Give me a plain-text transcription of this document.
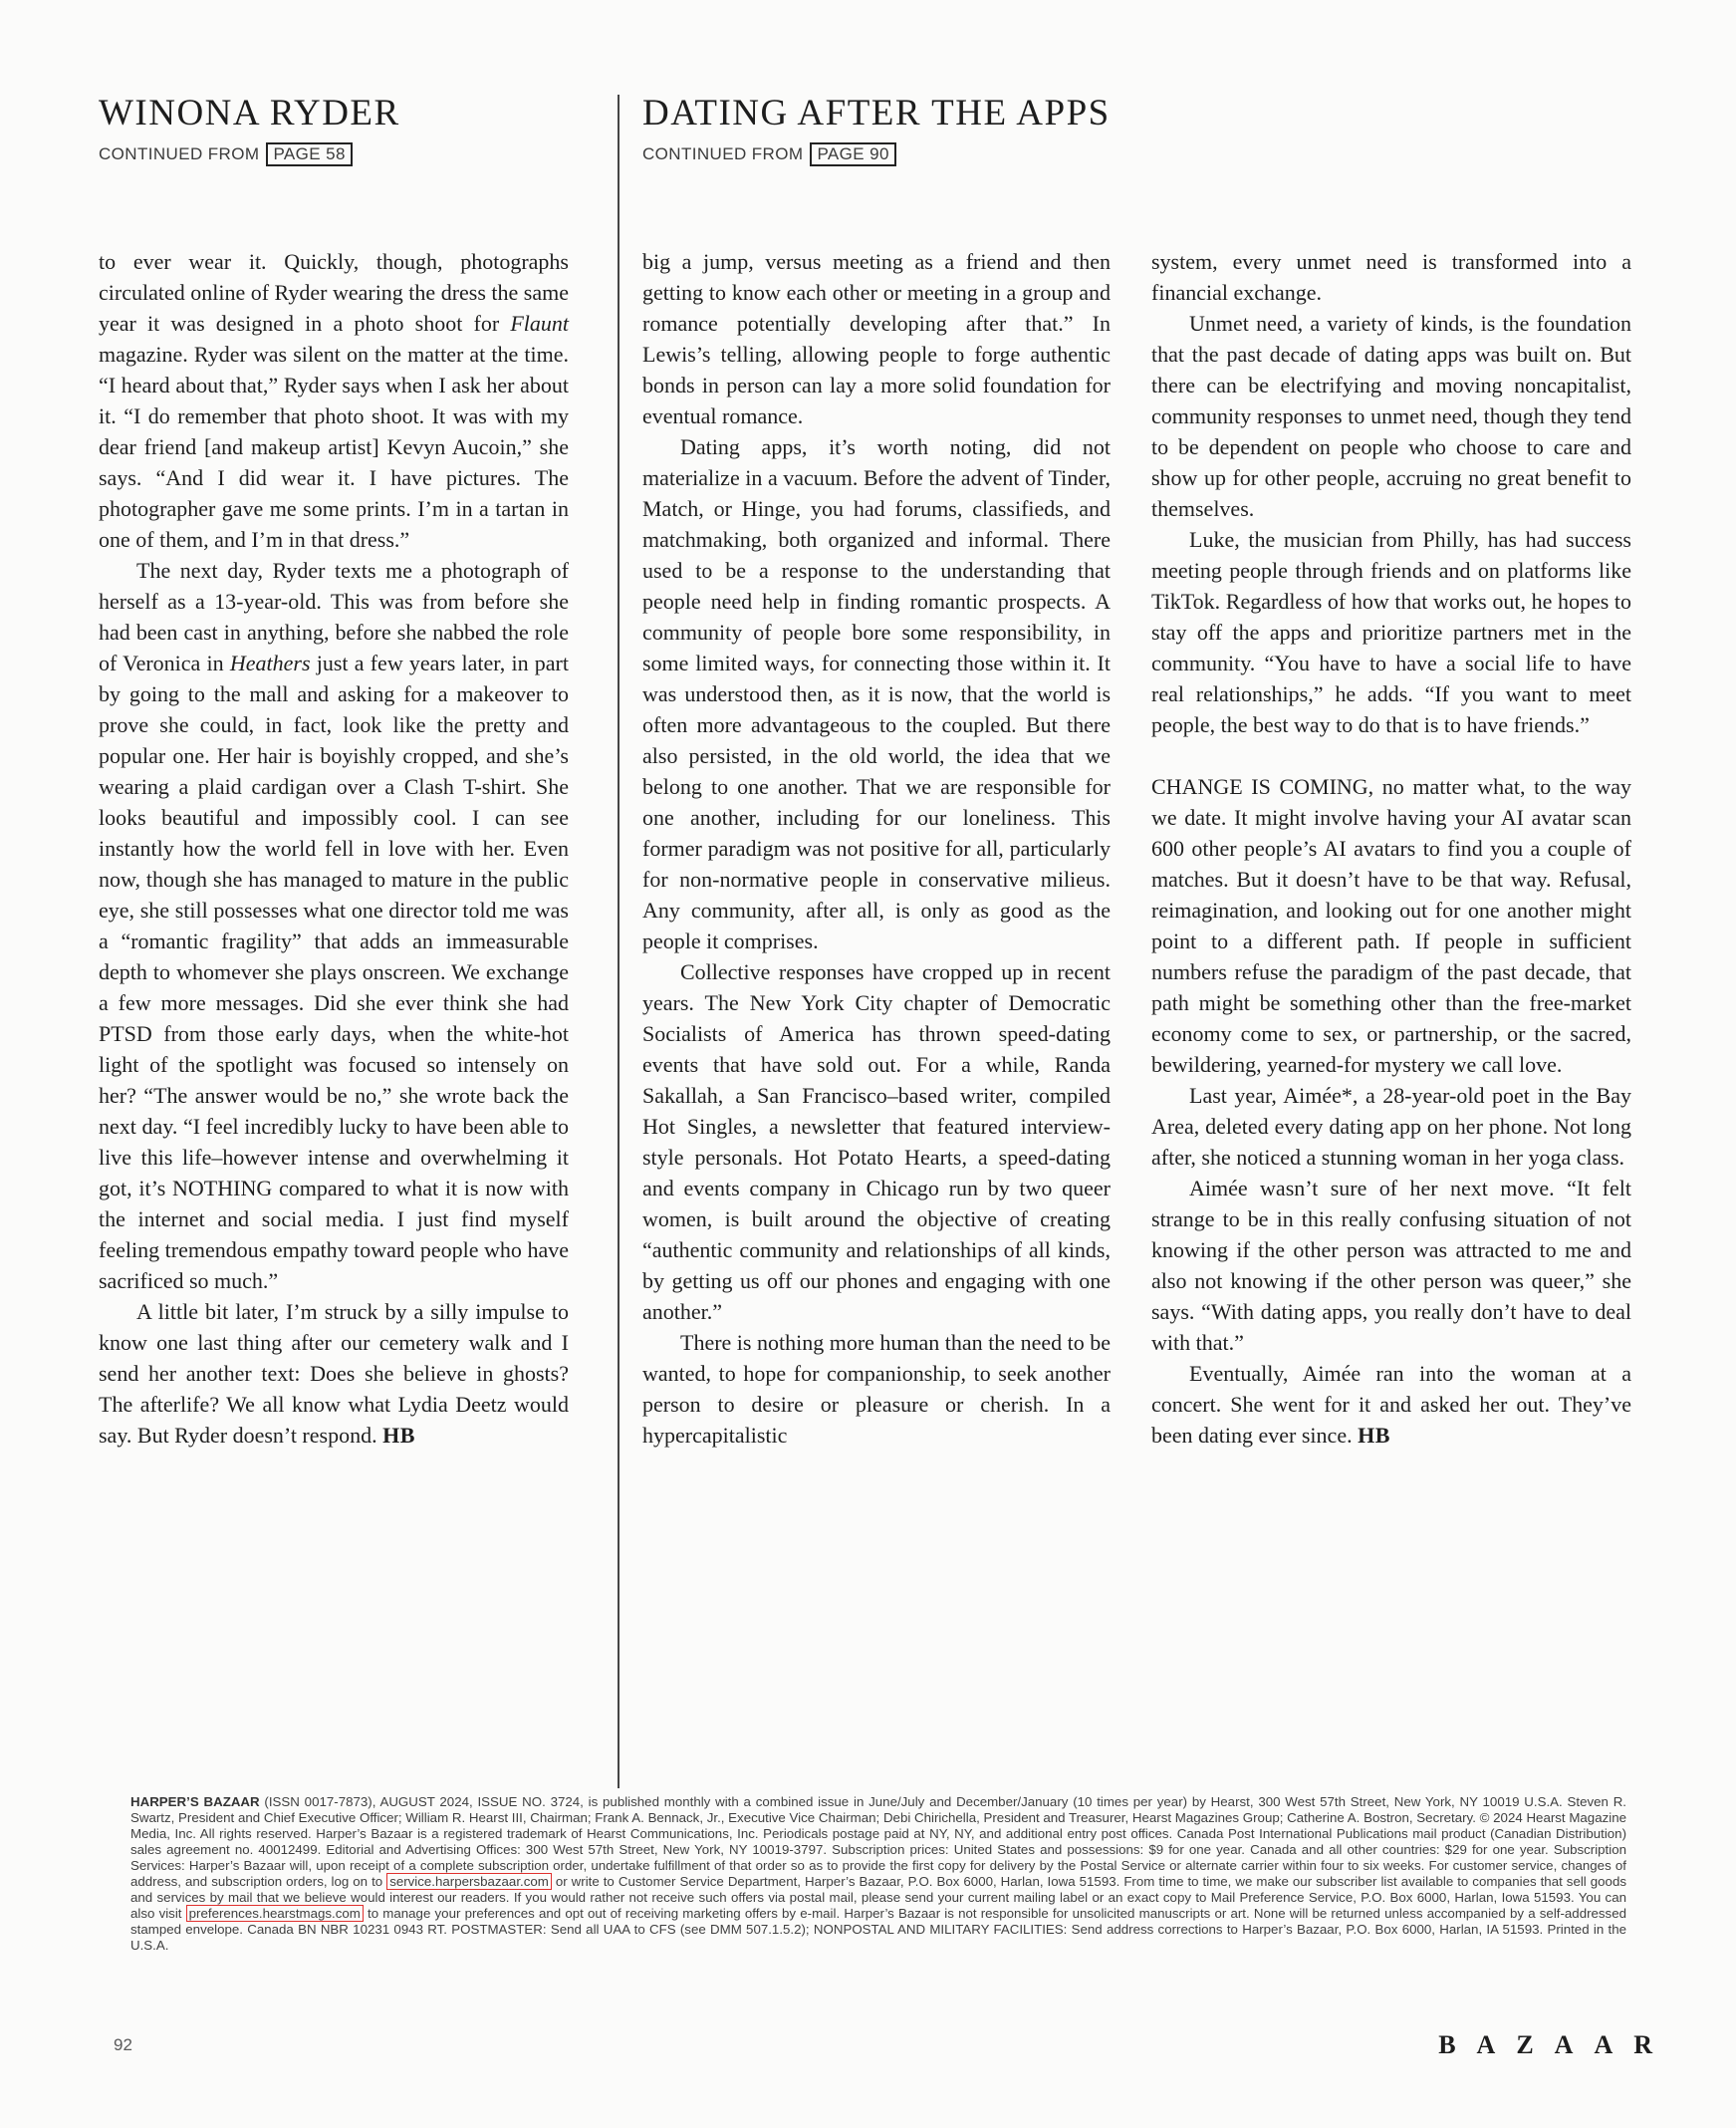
WINONA RYDER
CONTINUED FROM PAGE 58
DATING AFTER THE APPS
CONTINUED FROM PAGE 90

to ever wear it. Quickly, though, photographs circulated online of Ryder wearing the dress the same year it was designed in a photo shoot for Flaunt magazine. Ryder was silent on the matter at the time. “I heard about that,” Ryder says when I ask her about it. “I do remember that photo shoot. It was with my dear friend [and makeup artist] Kevyn Aucoin,” she says. “And I did wear it. I have pictures. The photographer gave me some prints. I’m in a tartan in one of them, and I’m in that dress.”

The next day, Ryder texts me a photograph of herself as a 13-year-old. This was from before she had been cast in anything, before she nabbed the role of Veronica in Heathers just a few years later, in part by going to the mall and asking for a makeover to prove she could, in fact, look like the pretty and popular one. Her hair is boyishly cropped, and she’s wearing a plaid cardigan over a Clash T-shirt. She looks beautiful and impossibly cool. I can see instantly how the world fell in love with her. Even now, though she has managed to mature in the public eye, she still possesses what one director told me was a “romantic fragility” that adds an immeasurable depth to whomever she plays onscreen. We exchange a few more messages. Did she ever think she had PTSD from those early days, when the white-hot light of the spotlight was focused so intensely on her? “The answer would be no,” she wrote back the next day. “I feel incredibly lucky to have been able to live this life–however intense and overwhelming it got, it’s NOTHING compared to what it is now with the internet and social media. I just find myself feeling tremendous empathy toward people who have sacrificed so much.”

A little bit later, I’m struck by a silly impulse to know one last thing after our cemetery walk and I send her another text: Does she believe in ghosts? The afterlife? We all know what Lydia Deetz would say. But Ryder doesn’t respond. HB

big a jump, versus meeting as a friend and then getting to know each other or meeting in a group and romance potentially developing after that.” In Lewis’s telling, allowing people to forge authentic bonds in person can lay a more solid foundation for eventual romance.

Dating apps, it’s worth noting, did not materialize in a vacuum. Before the advent of Tinder, Match, or Hinge, you had forums, classifieds, and matchmaking, both organized and informal. There used to be a response to the understanding that people need help in finding romantic prospects. A community of people bore some responsibility, in some limited ways, for connecting those within it. It was understood then, as it is now, that the world is often more advantageous to the coupled. But there also persisted, in the old world, the idea that we belong to one another. That we are responsible for one another, including for our loneliness. This former paradigm was not positive for all, particularly for non-normative people in conservative milieus. Any community, after all, is only as good as the people it comprises.

Collective responses have cropped up in recent years. The New York City chapter of Democratic Socialists of America has thrown speed-dating events that have sold out. For a while, Randa Sakallah, a San Francisco–based writer, compiled Hot Singles, a newsletter that featured interview-style personals. Hot Potato Hearts, a speed-dating and events company in Chicago run by two queer women, is built around the objective of creating “authentic community and relationships of all kinds, by getting us off our phones and engaging with one another.”

There is nothing more human than the need to be wanted, to hope for companionship, to seek another person to desire or pleasure or cherish. In a hypercapitalistic

system, every unmet need is transformed into a financial exchange.

Unmet need, a variety of kinds, is the foundation that the past decade of dating apps was built on. But there can be electrifying and moving noncapitalist, community responses to unmet need, though they tend to be dependent on people who choose to care and show up for other people, accruing no great benefit to themselves.

Luke, the musician from Philly, has had success meeting people through friends and on platforms like TikTok. Regardless of how that works out, he hopes to stay off the apps and prioritize partners met in the community. “You have to have a social life to have real relationships,” he adds. “If you want to meet people, the best way to do that is to have friends.”

CHANGE IS COMING, no matter what, to the way we date. It might involve having your AI avatar scan 600 other people’s AI avatars to find you a couple of matches. But it doesn’t have to be that way. Refusal, reimagination, and looking out for one another might point to a different path. If people in sufficient numbers refuse the paradigm of the past decade, that path might be something other than the free-market economy come to sex, or partnership, or the sacred, bewildering, yearned-for mystery we call love.

Last year, Aimée*, a 28-year-old poet in the Bay Area, deleted every dating app on her phone. Not long after, she noticed a stunning woman in her yoga class.

Aimée wasn’t sure of her next move. “It felt strange to be in this really confusing situation of not knowing if the other person was attracted to me and also not knowing if the other person was queer,” she says. “With dating apps, you really don’t have to deal with that.”

Eventually, Aimée ran into the woman at a concert. She went for it and asked her out. They’ve been dating ever since. HB

HARPER’S BAZAAR (ISSN 0017-7873), AUGUST 2024, ISSUE NO. 3724, is published monthly with a combined issue in June/July and December/January (10 times per year) by Hearst, 300 West 57th Street, New York, NY 10019 U.S.A. Steven R. Swartz, President and Chief Executive Officer; William R. Hearst III, Chairman; Frank A. Bennack, Jr., Executive Vice Chairman; Debi Chirichella, President and Treasurer, Hearst Magazines Group; Catherine A. Bostron, Secretary. © 2024 Hearst Magazine Media, Inc. All rights reserved. Harper’s Bazaar is a registered trademark of Hearst Communications, Inc. Periodicals postage paid at NY, NY, and additional entry post offices. Canada Post International Publications mail product (Canadian Distribution) sales agreement no. 40012499. Editorial and Advertising Offices: 300 West 57th Street, New York, NY 10019-3797. Subscription prices: United States and possessions: $9 for one year. Canada and all other countries: $29 for one year. Subscription Services: Harper’s Bazaar will, upon receipt of a complete subscription order, undertake fulfillment of that order so as to provide the first copy for delivery by the Postal Service or alternate carrier within four to six weeks. For customer service, changes of address, and subscription orders, log on to service.harpersbazaar.com or write to Customer Service Department, Harper’s Bazaar, P.O. Box 6000, Harlan, Iowa 51593. From time to time, we make our subscriber list available to companies that sell goods and services by mail that we believe would interest our readers. If you would rather not receive such offers via postal mail, please send your current mailing label or an exact copy to Mail Preference Service, P.O. Box 6000, Harlan, Iowa 51593. You can also visit preferences.hearstmags.com to manage your preferences and opt out of receiving marketing offers by e-mail. Harper’s Bazaar is not responsible for unsolicited manuscripts or art. None will be returned unless accompanied by a self-addressed stamped envelope. Canada BN NBR 10231 0943 RT. POSTMASTER: Send all UAA to CFS (see DMM 507.1.5.2); NONPOSTAL AND MILITARY FACILITIES: Send address corrections to Harper’s Bazaar, P.O. Box 6000, Harlan, IA 51593. Printed in the U.S.A.
92	BAZAAR
